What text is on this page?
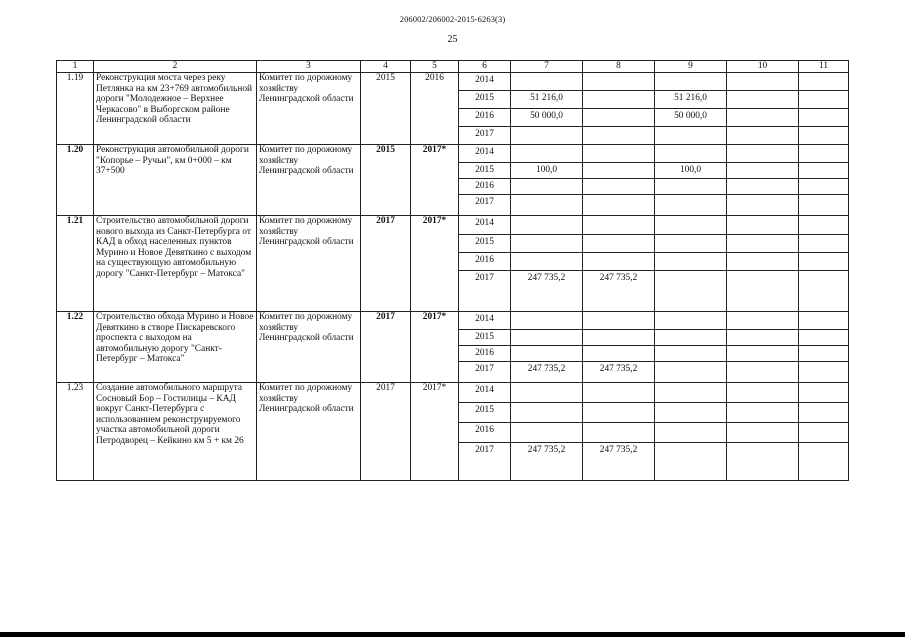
206002/206002-2015-6263(3)
25
1	2	3	4	5	6	7	8	9	10	11
1.19	Реконструкция моста через реку Петлянка на км 23+769 автомобильной дороги "Молодежное – Верхнее Черкасово" в Выборгском районе Ленинградской области	Комитет по дорожному хозяйству Ленинградской области	2015	2016	2014					
					2015	51 216,0		51 216,0		
					2016	50 000,0		50 000,0		
					2017					
1.20	Реконструкция автомобильной дороги "Копорье – Ручьи", км 0+000 – км 37+500	Комитет по дорожному хозяйству Ленинградской области	2015	2017*	2014					
					2015	100,0		100,0		
					2016					
					2017					
1.21	Строительство автомобильной дороги нового выхода из Санкт-Петербурга от КАД в обход населенных пунктов Мурино и Новое Девяткино с выходом на существующую автомобильную дорогу "Санкт-Петербург – Матокса"	Комитет по дорожному хозяйству Ленинградской области	2017	2017*	2014					
					2015					
					2016					
					2017	247 735,2	247 735,2			
1.22	Строительство обхода Мурино и Новое Девяткино в створе Пискаревского проспекта с выходом на автомобильную дорогу "Санкт-Петербург – Матокса"	Комитет по дорожному хозяйству Ленинградской области	2017	2017*	2014					
					2015					
					2016					
					2017	247 735,2	247 735,2			
1.23	Создание автомобильного маршрута Сосновый Бор – Гостилицы – КАД вокруг Санкт-Петербурга с использованием реконструируемого участка автомобильной дороги Петродворец – Кейкино км 5 + км 26	Комитет по дорожному хозяйству Ленинградской области	2017	2017*	2014					
					2015					
					2016					
					2017	247 735,2	247 735,2			
